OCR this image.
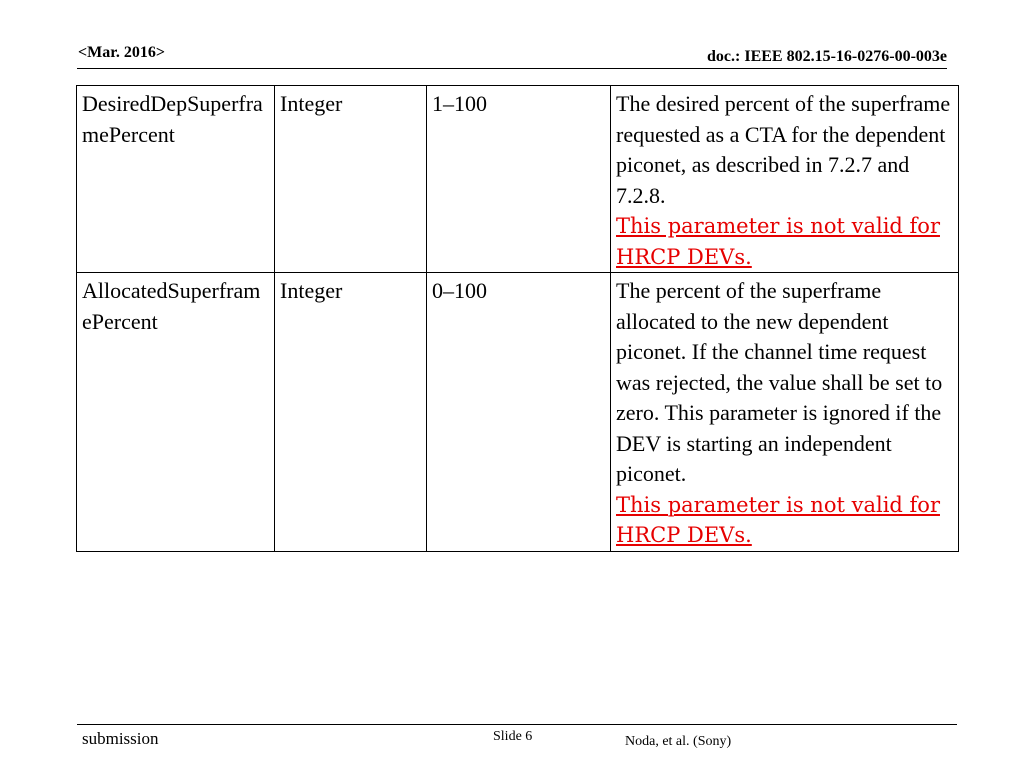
<Mar. 2016>	doc.: IEEE 802.15-16-0276-00-003e
DesiredDepSuperframePercent	Integer	1–100	The desired percent of the superframe requested as a CTA for the dependent piconet, as described in 7.2.7 and 7.2.8.
This parameter is not valid for HRCP DEVs.

AllocatedSuperframePercent	Integer	0–100	The percent of the superframe allocated to the new dependent piconet. If the channel time request was rejected, the value shall be set to zero. This parameter is ignored if the DEV is starting an independent piconet.
This parameter is not valid for HRCP DEVs.
submission	Slide 6	Noda, et al. (Sony)
